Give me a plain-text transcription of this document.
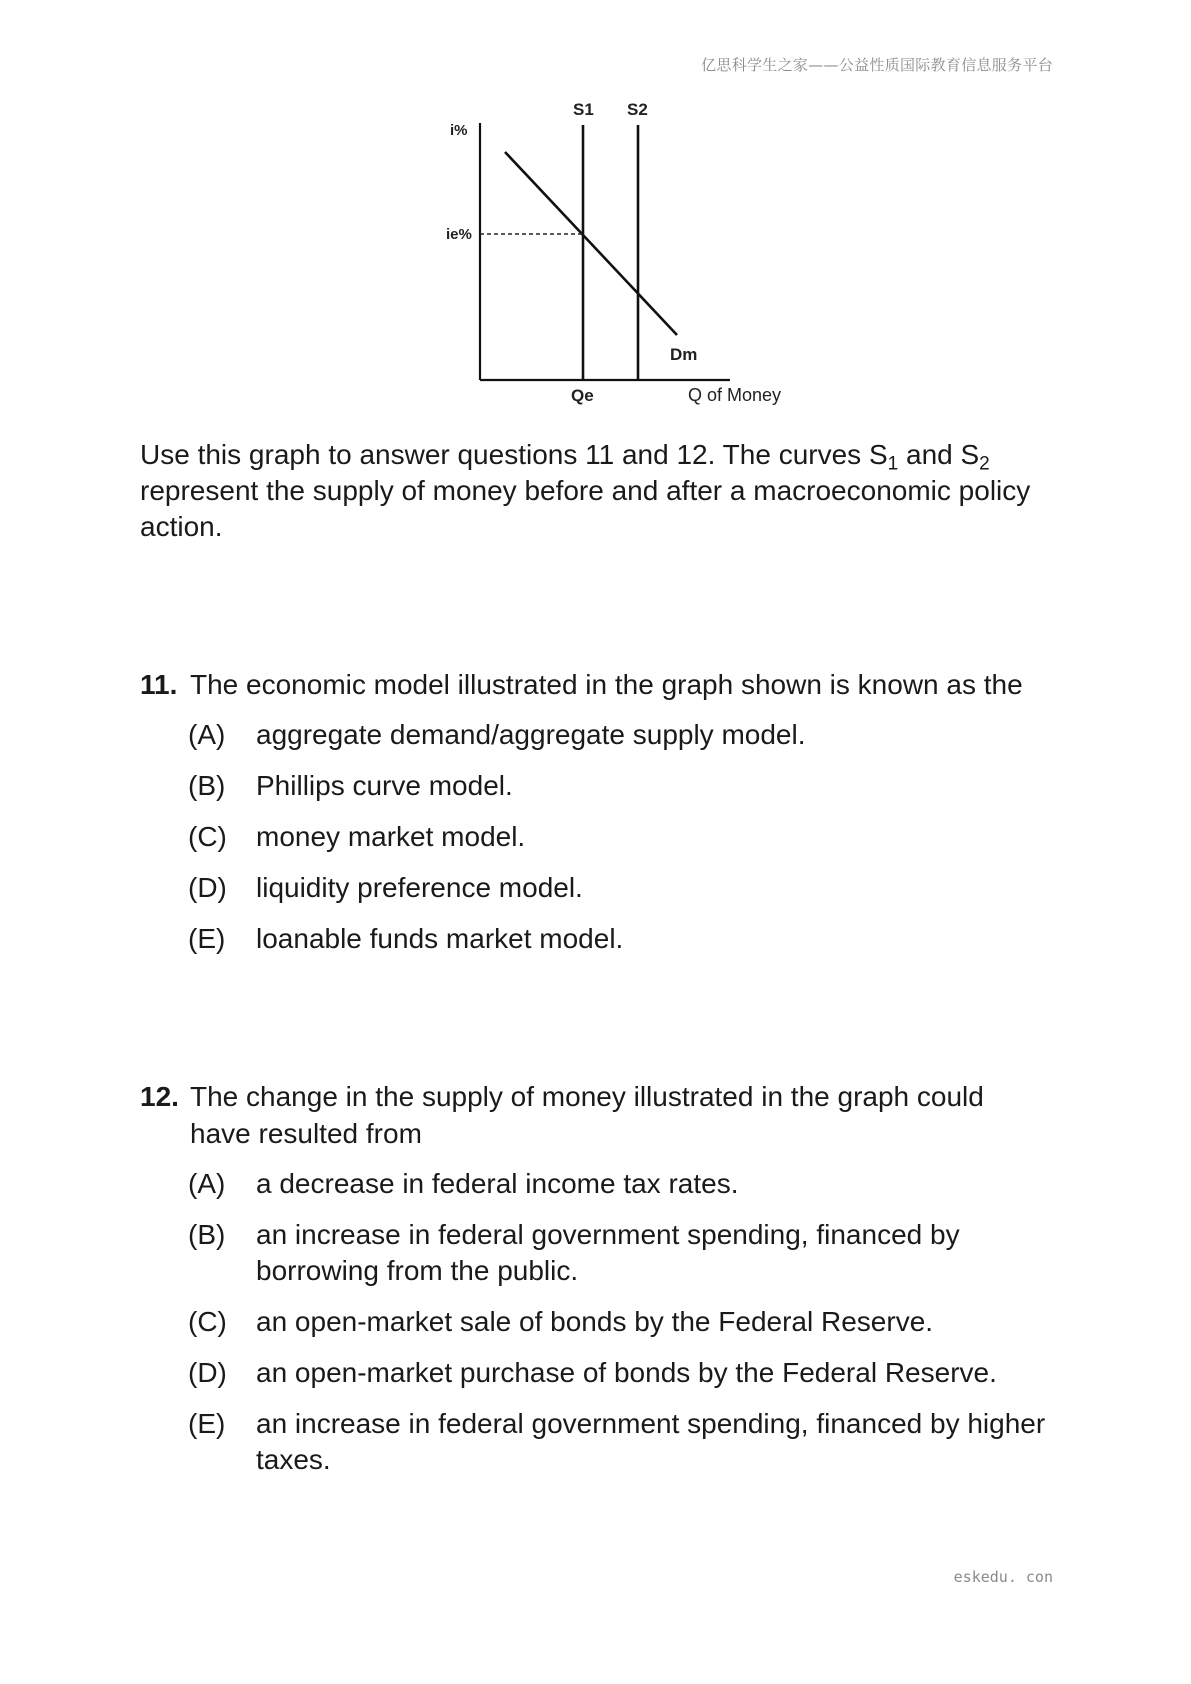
亿思科学生之家——公益性质国际教育信息服务平台
i%
ie%
S1 S2
Dm
Qe	Q of Money
Use this graph to answer questions 11 and 12. The curves $S_1$ and $S_2$ represent the supply of money before and after a macroeconomic policy action.
11. The economic model illustrated in the graph shown is known as the
(A)	aggregate demand/aggregate supply model.
(B)	Phillips curve model.
(C)	money market model.
(D)	liquidity preference model.
(E)	loanable funds market model.
12. The change in the supply of money illustrated in the graph could have resulted from
(A)	a decrease in federal income tax rates.
(B)	an increase in federal government spending, financed by borrowing from the public.
(C)	an open-market sale of bonds by the Federal Reserve.
(D)	an open-market purchase of bonds by the Federal Reserve.
(E)	an increase in federal government spending, financed by higher taxes.
eskedu. con
